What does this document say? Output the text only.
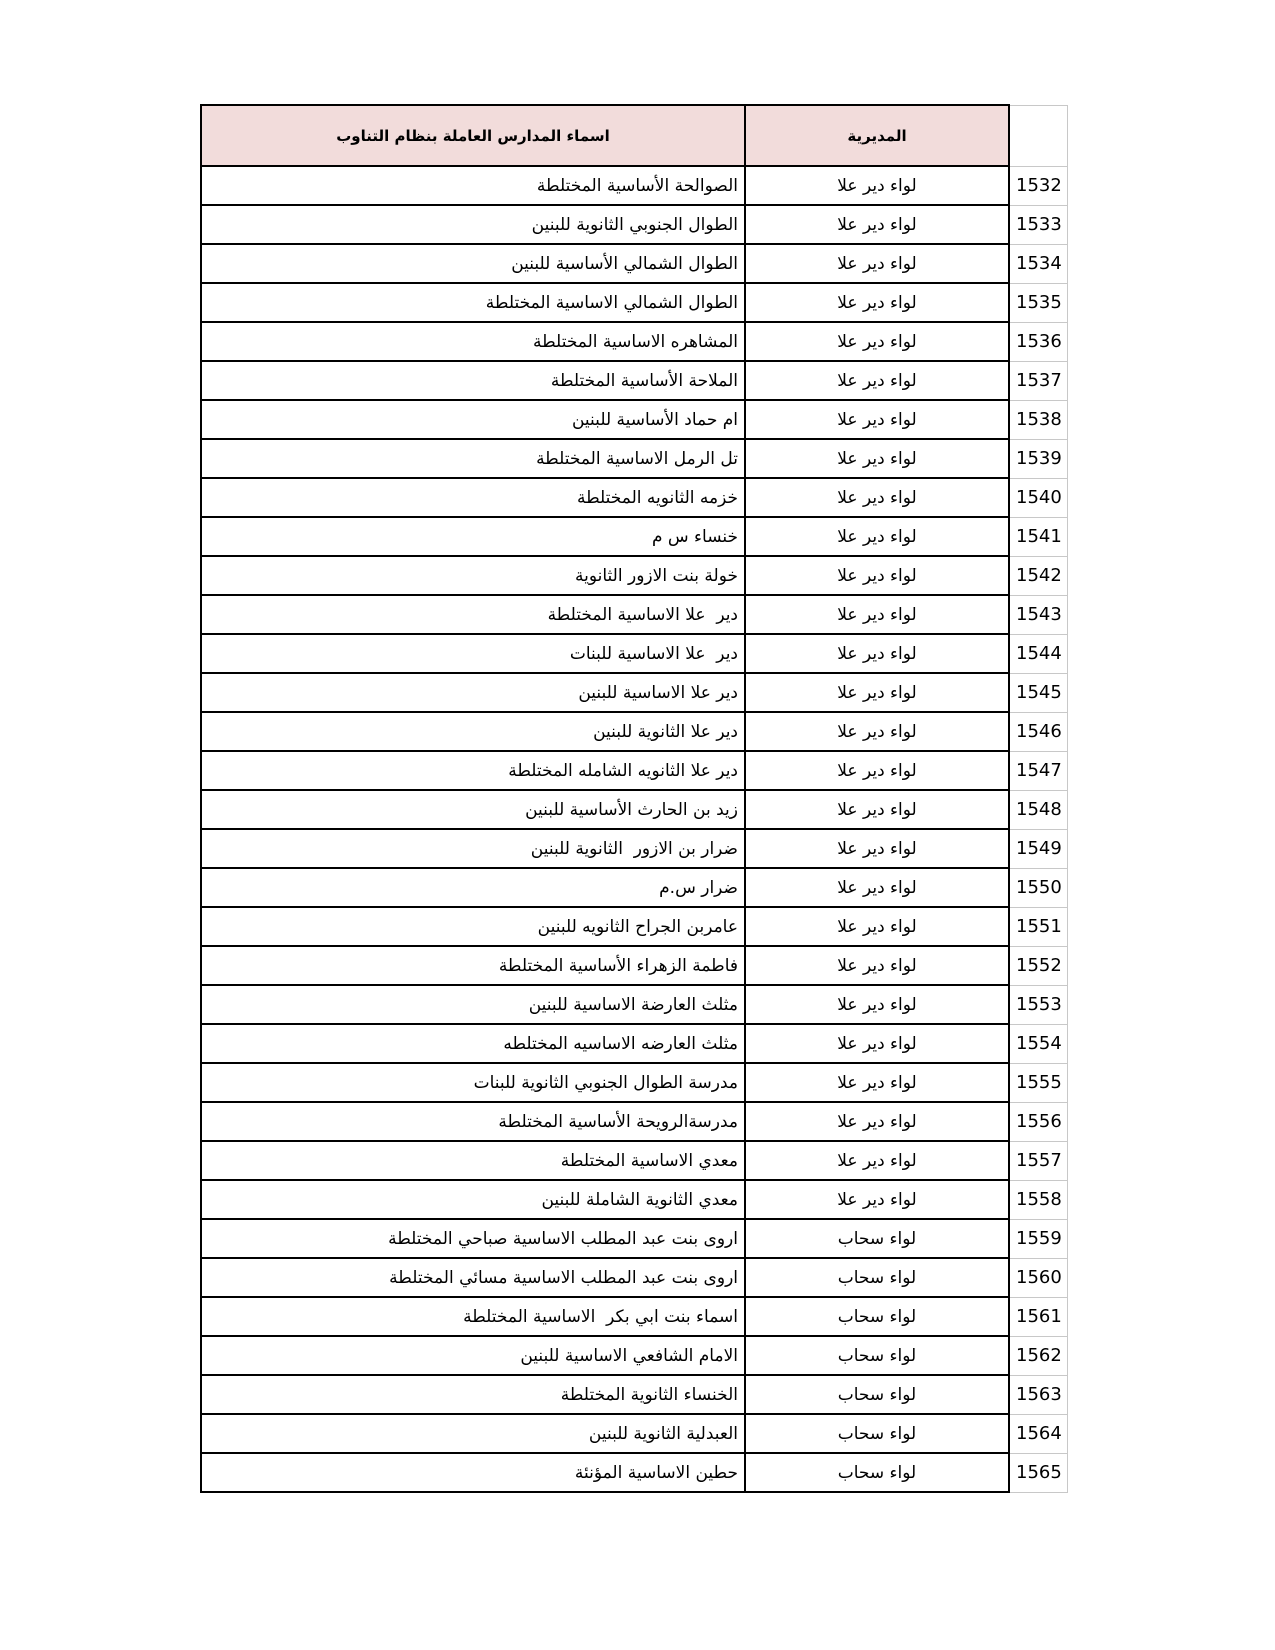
اسماء المدارس العاملة بنظام التناوب	المديرية	
الصوالحة الأساسية المختلطة	لواء دير علا	1532
الطوال الجنوبي الثانوية للبنين	لواء دير علا	1533
الطوال الشمالي الأساسية للبنين	لواء دير علا	1534
الطوال الشمالي الاساسية المختلطة	لواء دير علا	1535
المشاهره الاساسية المختلطة	لواء دير علا	1536
الملاحة الأساسية المختلطة	لواء دير علا	1537
ام حماد الأساسية للبنين	لواء دير علا	1538
تل الرمل الاساسية المختلطة	لواء دير علا	1539
خزمه الثانويه المختلطة	لواء دير علا	1540
خنساء س م	لواء دير علا	1541
خولة بنت الازور الثانوية	لواء دير علا	1542
دير  علا الاساسية المختلطة	لواء دير علا	1543
دير  علا الاساسية للبنات	لواء دير علا	1544
دير علا الاساسية للبنين	لواء دير علا	1545
دير علا الثانوية للبنين	لواء دير علا	1546
دير علا الثانويه الشامله المختلطة	لواء دير علا	1547
زيد بن الحارث الأساسية للبنين	لواء دير علا	1548
ضرار بن الازور  الثانوية للبنين	لواء دير علا	1549
ضرار س.م	لواء دير علا	1550
عامربن الجراح الثانويه للبنين	لواء دير علا	1551
فاطمة الزهراء الأساسية المختلطة	لواء دير علا	1552
مثلث العارضة الاساسية للبنين	لواء دير علا	1553
مثلث العارضه الاساسيه المختلطه	لواء دير علا	1554
مدرسة الطوال الجنوبي الثانوية للبنات	لواء دير علا	1555
مدرسةالرويحة الأساسية المختلطة	لواء دير علا	1556
معدي الاساسية المختلطة	لواء دير علا	1557
معدي الثانوية الشاملة للبنين	لواء دير علا	1558
اروى بنت عبد المطلب الاساسية صباحي المختلطة	لواء سحاب	1559
اروى بنت عبد المطلب الاساسية مسائي المختلطة	لواء سحاب	1560
اسماء بنت ابي بكر  الاساسية المختلطة	لواء سحاب	1561
الامام الشافعي الاساسية للبنين	لواء سحاب	1562
الخنساء الثانوية المختلطة	لواء سحاب	1563
العبدلية الثانوية للبنين	لواء سحاب	1564
حطين الاساسية المؤنئة	لواء سحاب	1565
